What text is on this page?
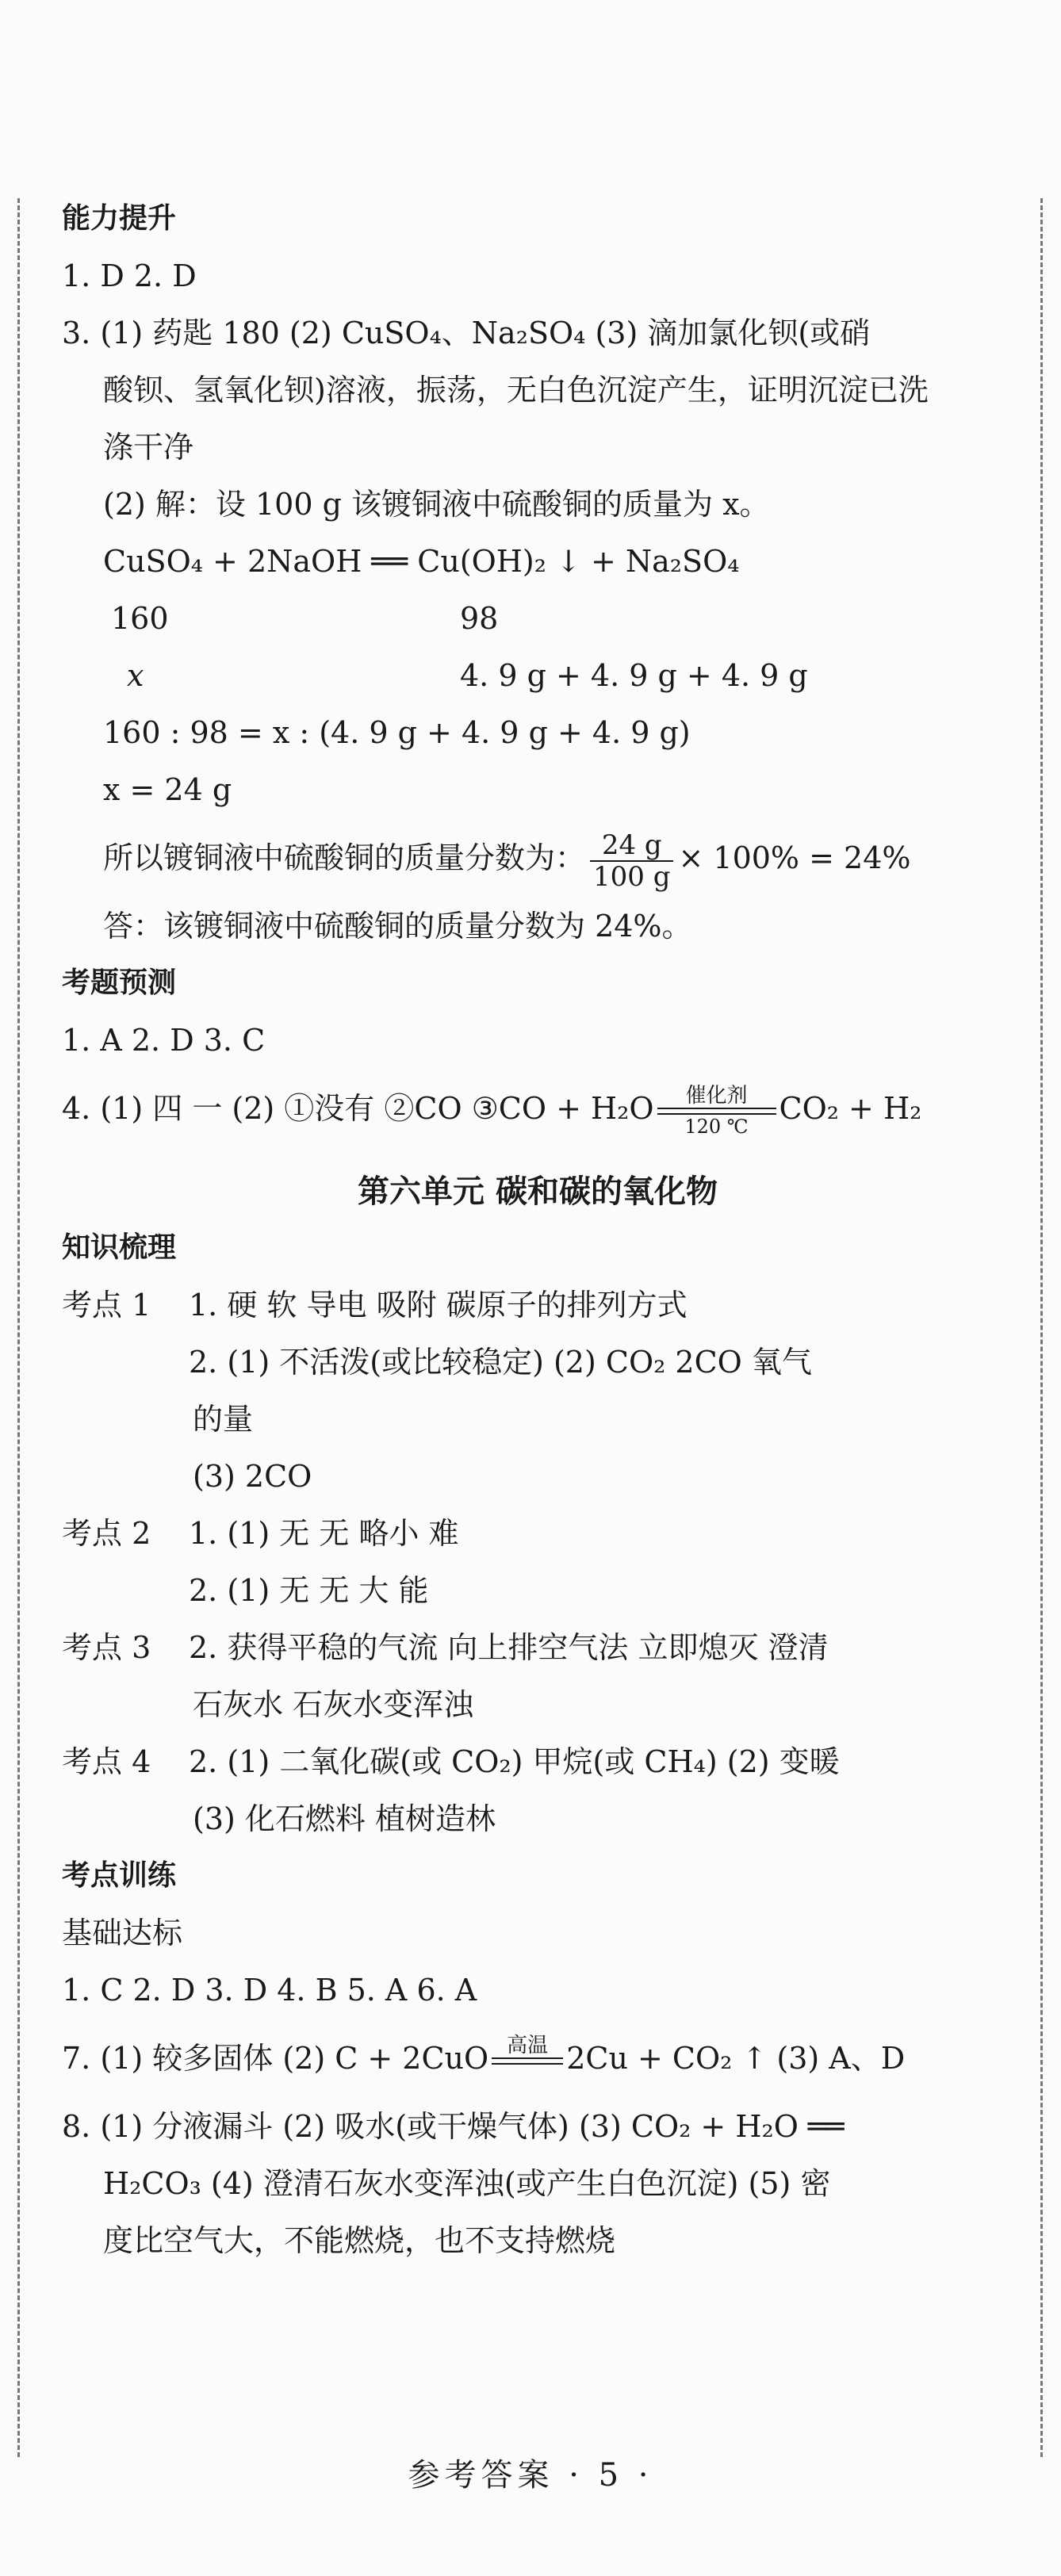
能力提升
1. D 2. D
3. (1) 药匙 180 (2) CuSO₄、Na₂SO₄ (3) 滴加氯化钡(或硝
酸钡、氢氧化钡)溶液，振荡，无白色沉淀产生，证明沉淀已洗
涤干净
(2) 解：设 100 g 该镀铜液中硫酸铜的质量为 x。
CuSO₄ + 2NaOH ══ Cu(OH)₂ ↓ + Na₂SO₄
160	98
x	4. 9 g + 4. 9 g + 4. 9 g
160 : 98 = x : (4. 9 g + 4. 9 g + 4. 9 g)
x = 24 g
所以镀铜液中硫酸铜的质量分数为： $\frac{24 g}{100 g} \times 100\% = 24\%$
答：该镀铜液中硫酸铜的质量分数为 24%。
考题预测
1. A 2. D 3. C
4. (1) 四 一 (2) ①没有 ②CO ③CO + H₂O	催化剂
120 ℃
CO₂ + H₂
第六单元 碳和碳的氧化物
知识梳理
考点 1 1. 硬 软 导电 吸附 碳原子的排列方式
2. (1) 不活泼(或比较稳定) (2) CO₂ 2CO 氧气
的量
(3) 2CO
考点 2 1. (1) 无 无 略小 难
2. (1) 无 无 大 能
考点 3 2. 获得平稳的气流 向上排空气法 立即熄灭 澄清
石灰水 石灰水变浑浊
考点 4 2. (1) 二氧化碳(或 CO₂) 甲烷(或 CH₄) (2) 变暖
(3) 化石燃料 植树造林
考点训练
基础达标
1. C 2. D 3. D 4. B 5. A 6. A
7. (1) 较多固体 (2) C + 2CuO 高温
2Cu + CO₂ ↑ (3) A、D
8. (1) 分液漏斗 (2) 吸水(或干燥气体) (3) CO₂ + H₂O ══
H₂CO₃ (4) 澄清石灰水变浑浊(或产生白色沉淀) (5) 密
度比空气大，不能燃烧，也不支持燃烧
参考答案 · 5 ·
